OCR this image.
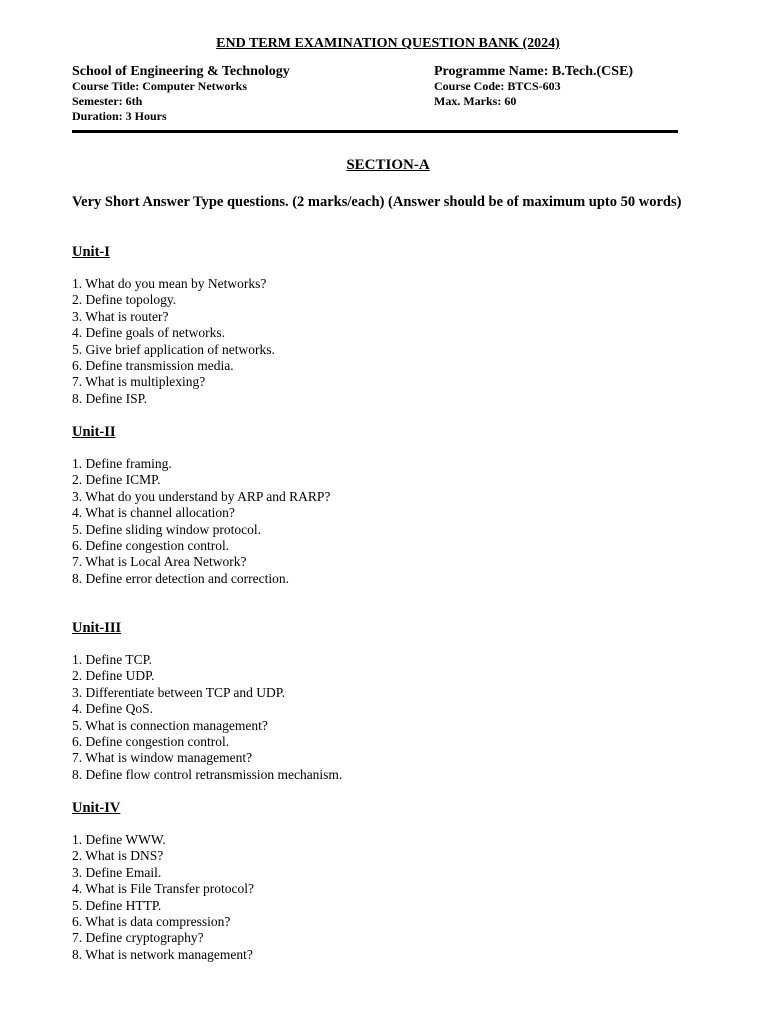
END TERM EXAMINATION QUESTION BANK (2024)
School of Engineering & Technology
Course Title: Computer Networks
Semester: 6th
Duration: 3 Hours
Programme Name: B.Tech.(CSE)
Course Code: BTCS-603
Max. Marks: 60
SECTION-A
Very Short Answer Type questions. (2 marks/each) (Answer should be of maximum upto 50 words)
Unit-I
1. What do you mean by Networks?
2. Define topology.
3. What is router?
4. Define goals of networks.
5. Give brief application of networks.
6. Define transmission media.
7. What is multiplexing?
8. Define ISP.
Unit-II
1. Define framing.
2. Define ICMP.
3. What do you understand by ARP and RARP?
4. What is channel allocation?
5. Define sliding window protocol.
6. Define congestion control.
7. What is Local Area Network?
8. Define error detection and correction.
Unit-III
1. Define TCP.
2. Define UDP.
3. Differentiate between TCP and UDP.
4. Define QoS.
5. What is connection management?
6. Define congestion control.
7. What is window management?
8. Define flow control retransmission mechanism.
Unit-IV
1. Define WWW.
2. What is DNS?
3. Define Email.
4. What is File Transfer protocol?
5. Define HTTP.
6. What is data compression?
7. Define cryptography?
8. What is network management?
